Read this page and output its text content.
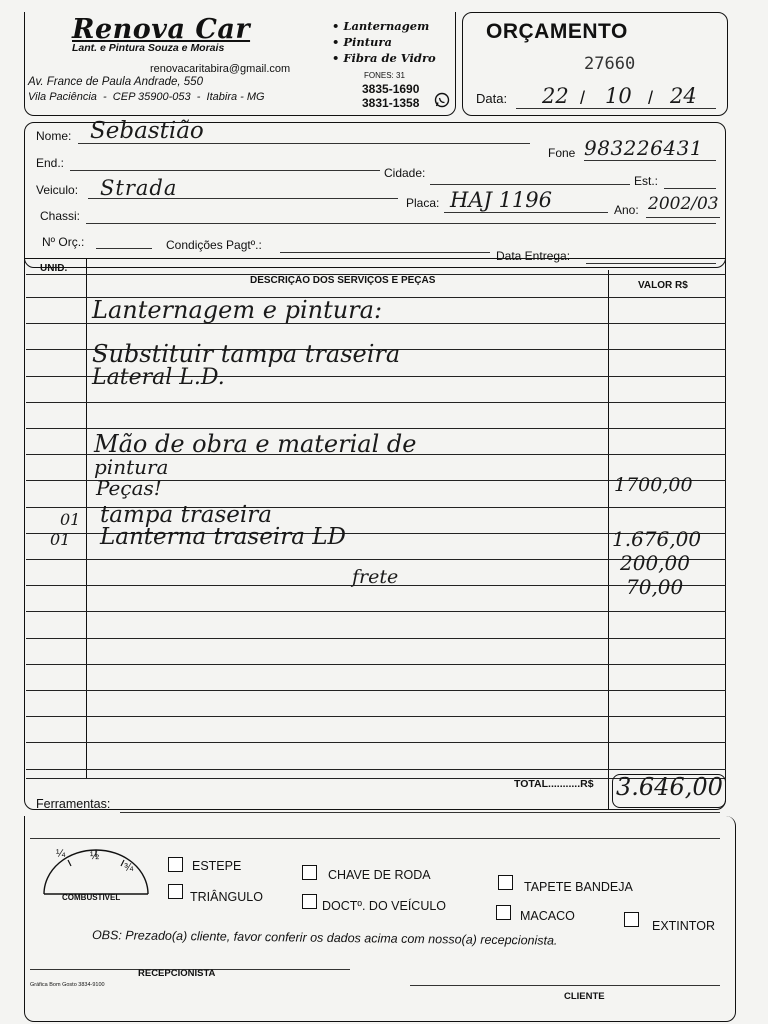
Renova Car
Lant. e Pintura Souza e Morais
renovacaritabira@gmail.com
Av. France de Paula Andrade, 550
Vila Paciência  -  CEP 35900-053  -  Itabira - MG
• Lanternagem
• Pintura
• Fibra de Vidro
FONES: 31
3835-1690
3831-1358
ORÇAMENTO
27660
Data: 22 / 10 / 24
Nome: Sebastião
Fone 983226431
End.:
Cidade:
Est.:
Veiculo: Strada
Placa: HAJ 1196	Ano: 2002/03
Chassi:
Nº Orç.:	Condições Pagtº.:
Data Entrega:
UNID.
DESCRIÇÃO DOS SERVIÇOS E PEÇAS	VALOR R$
Lanternagem e pintura:
Substituir tampa traseira
Lateral L.D.
Mão de obra e material de
pintura
Peças!	1700,00
01 tampa traseira
01 Lanterna traseira LD	1.676,00
200,00
frete	70,00
TOTAL...........R$ 3.646,00
Ferramentas:
¼ ½
¾
COMBUSTIVEL
ESTEPE
TRIÂNGULO
CHAVE DE RODA
DOCTº. DO VEÍCULO
TAPETE BANDEJA
MACACO
EXTINTOR
OBS: Prezado(a) cliente, favor conferir os dados acima com nosso(a) recepcionista.
RECEPCIONISTA
CLIENTE
Gráfica Bom Gosto 3834-9100
